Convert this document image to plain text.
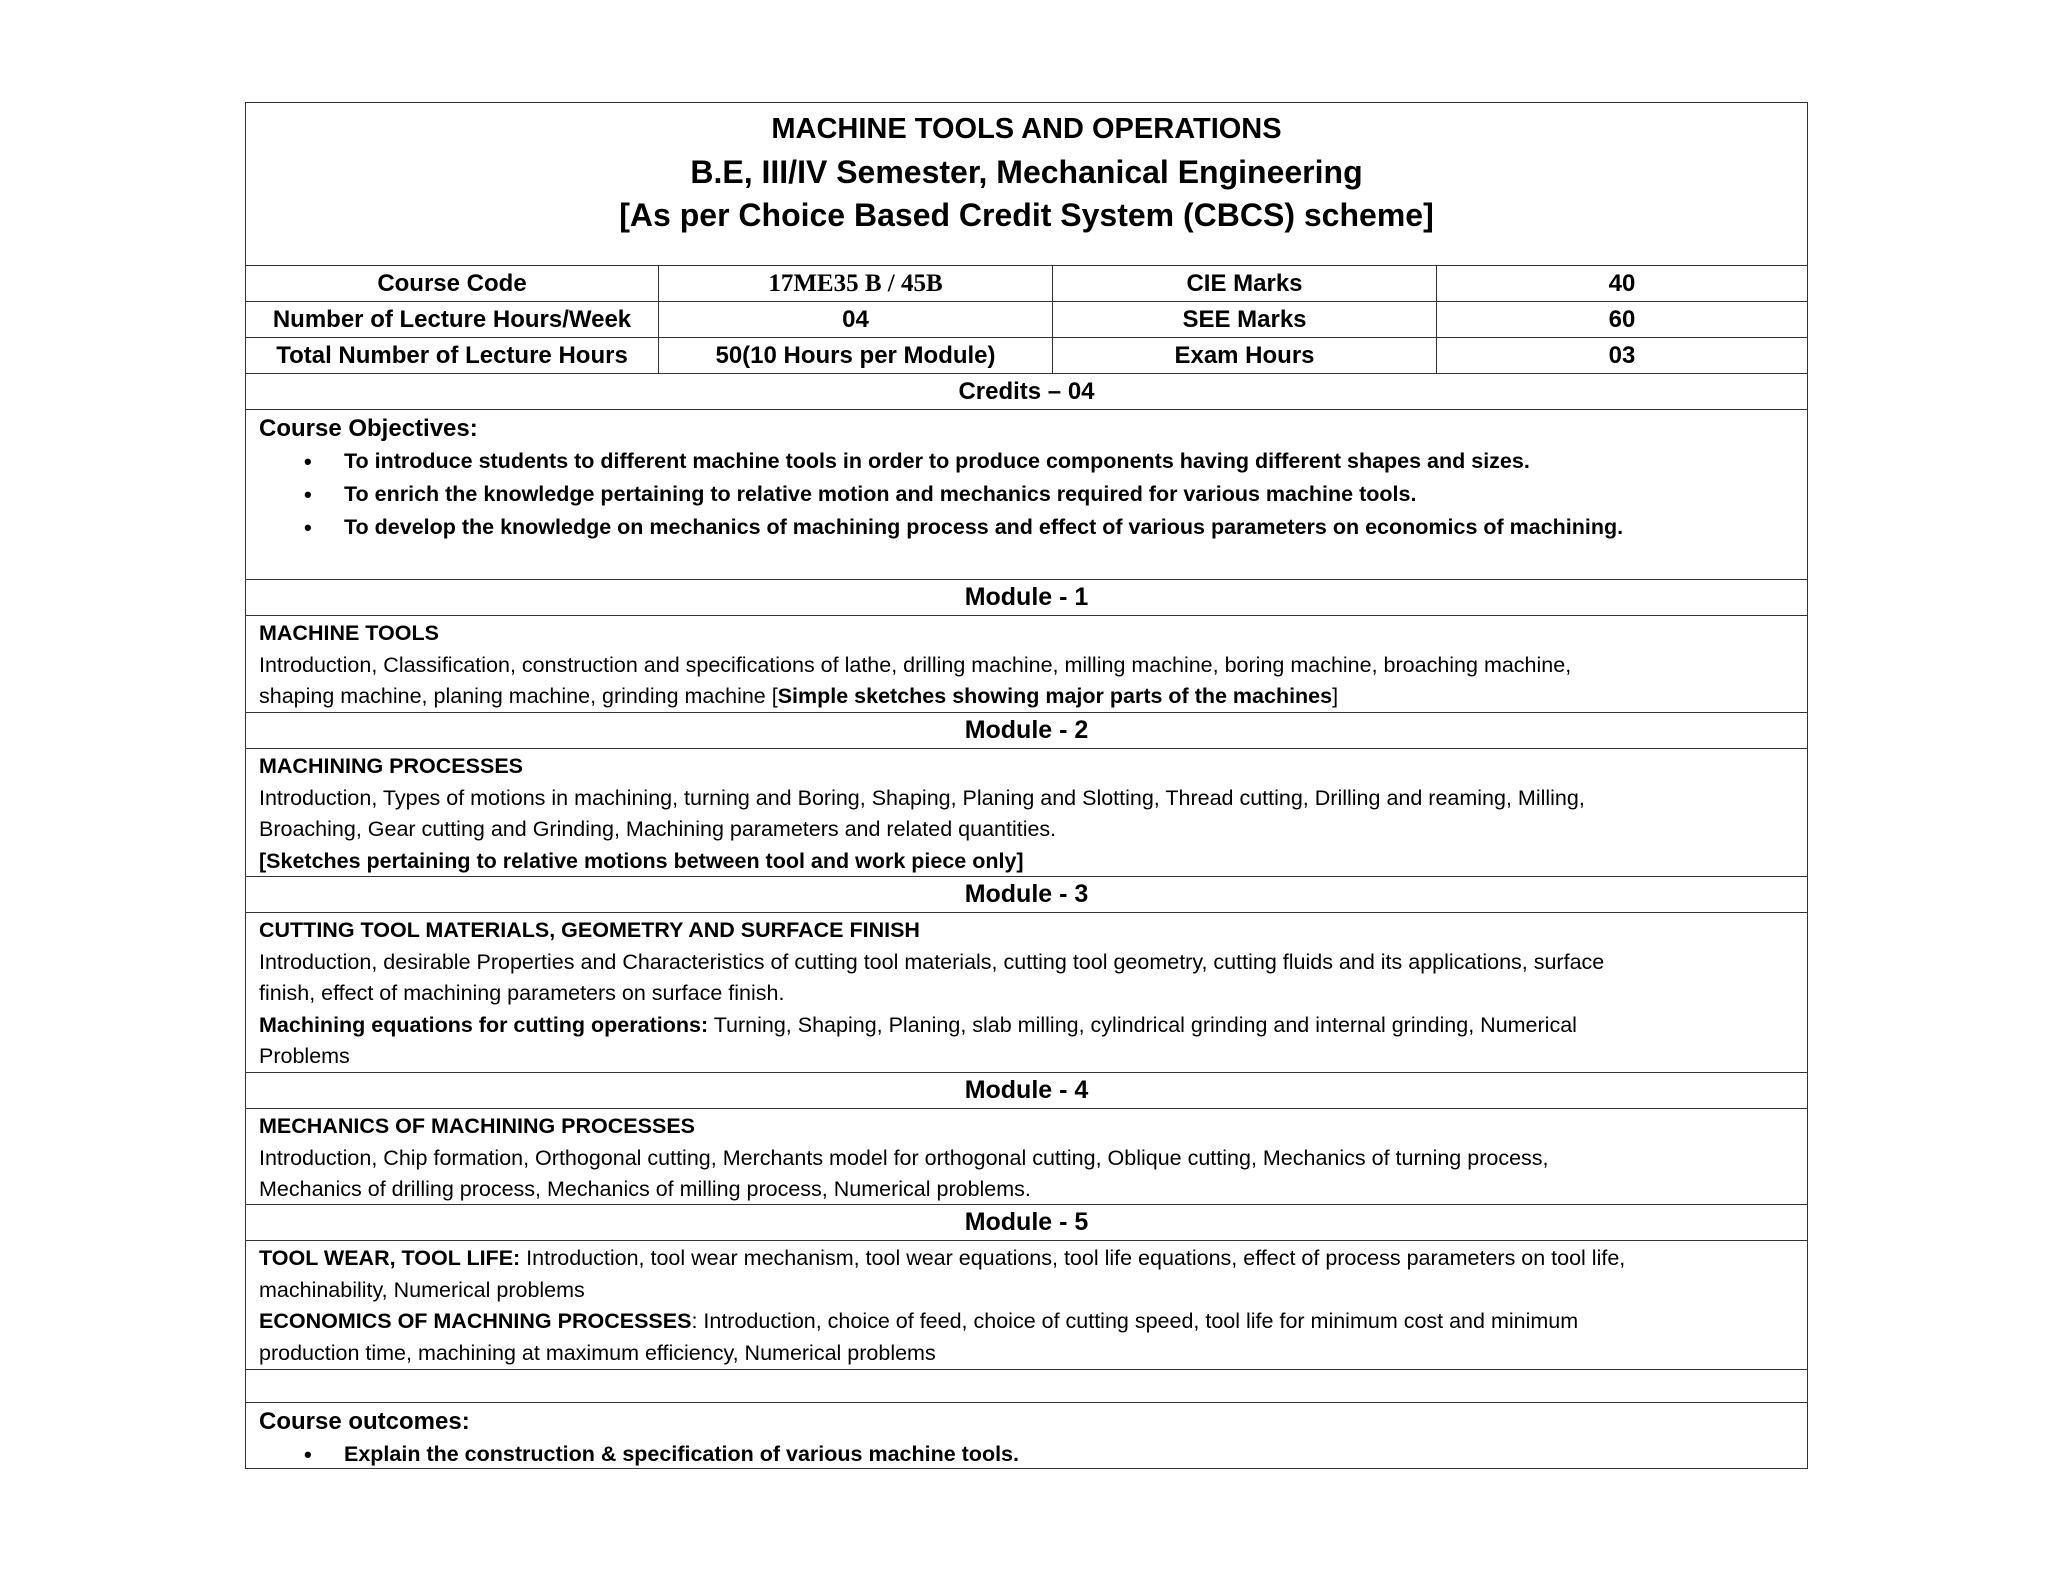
MACHINE TOOLS AND OPERATIONS
B.E, III/IV Semester, Mechanical Engineering
[As per Choice Based Credit System (CBCS) scheme]
Course Code	17ME35 B / 45B	CIE Marks	40
Number of Lecture Hours/Week	04	SEE Marks	60
Total Number of Lecture Hours	50(10 Hours per Module)	Exam Hours	03
Credits – 04
Course Objectives:
• To introduce students to different machine tools in order to produce components having different shapes and sizes.
• To enrich the knowledge pertaining to relative motion and mechanics required for various machine tools.
• To develop the knowledge on mechanics of machining process and effect of various parameters on economics of machining.
Module - 1
MACHINE TOOLS
Introduction, Classification, construction and specifications of lathe, drilling machine, milling machine, boring machine, broaching machine,
shaping machine, planing machine, grinding machine [Simple sketches showing major parts of the machines]
Module - 2
MACHINING PROCESSES
Introduction, Types of motions in machining, turning and Boring, Shaping, Planing and Slotting, Thread cutting, Drilling and reaming, Milling,
Broaching, Gear cutting and Grinding, Machining parameters and related quantities.
[Sketches pertaining to relative motions between tool and work piece only]
Module - 3
CUTTING TOOL MATERIALS, GEOMETRY AND SURFACE FINISH
Introduction, desirable Properties and Characteristics of cutting tool materials, cutting tool geometry, cutting fluids and its applications, surface
finish, effect of machining parameters on surface finish.
Machining equations for cutting operations: Turning, Shaping, Planing, slab milling, cylindrical grinding and internal grinding, Numerical
Problems
Module - 4
MECHANICS OF MACHINING PROCESSES
Introduction, Chip formation, Orthogonal cutting, Merchants model for orthogonal cutting, Oblique cutting, Mechanics of turning process,
Mechanics of drilling process, Mechanics of milling process, Numerical problems.
Module - 5
TOOL WEAR, TOOL LIFE: Introduction, tool wear mechanism, tool wear equations, tool life equations, effect of process parameters on tool life,
machinability, Numerical problems
ECONOMICS OF MACHNING PROCESSES: Introduction, choice of feed, choice of cutting speed, tool life for minimum cost and minimum
production time, machining at maximum efficiency, Numerical problems
Course outcomes:
• Explain the construction & specification of various machine tools.
